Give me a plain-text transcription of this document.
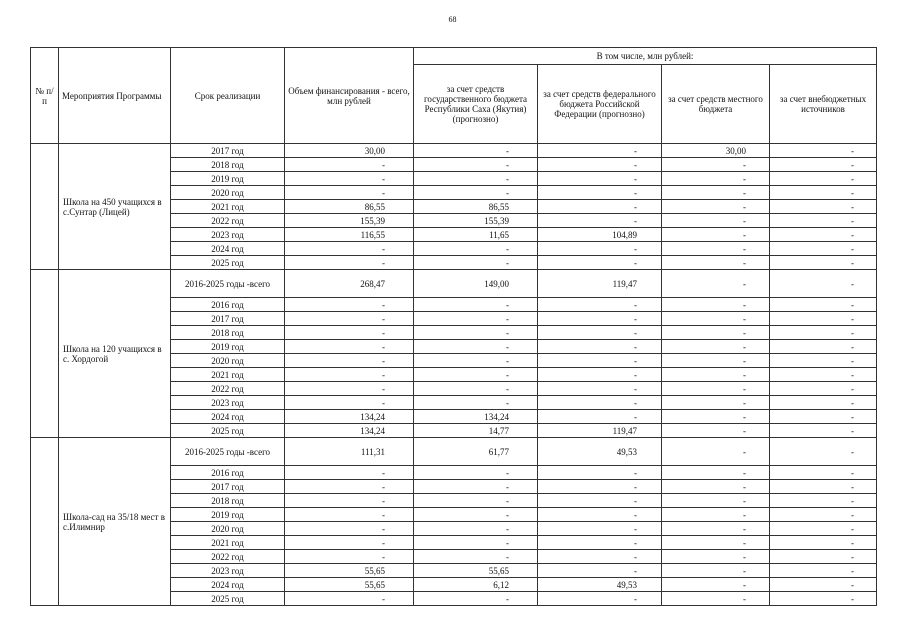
68
№ п/п	Мероприятия Программы	Срок реализации	Объем финансирования - всего, млн рублей	В том числе, млн рублей:			
				за счет средств государственного бюджета Республики Саха (Якутия) (прогнозно)	за счет средств федерального бюджета Российской Федерации (прогнозно)	за счет средств местного бюджета	за счет внебюджетных источников
	Школа на 450 учащихся в с.Сунтар (Лицей)	2017 год	30,00	-	-	30,00	-
		2018 год	-	-	-	-	-
		2019 год	-	-	-	-	-
		2020 год	-	-	-	-	-
		2021 год	86,55	86,55	-	-	-
		2022 год	155,39	155,39	-	-	-
		2023 год	116,55	11,65	104,89	-	-
		2024 год	-	-	-	-	-
		2025 год	-	-	-	-	-
	Школа на 120 учащихся в с. Хордогой	2016-2025 годы -всего	268,47	149,00	119,47	-	-
		2016 год	-	-	-	-	-
		2017 год	-	-	-	-	-
		2018 год	-	-	-	-	-
		2019 год	-	-	-	-	-
		2020 год	-	-	-	-	-
		2021 год	-	-	-	-	-
		2022 год	-	-	-	-	-
		2023 год	-	-	-	-	-
		2024 год	134,24	134,24	-	-	-
		2025 год	134,24	14,77	119,47	-	-
	Школа-сад на 35/18 мест в с.Илимнир	2016-2025 годы -всего	111,31	61,77	49,53	-	-
		2016 год	-	-	-	-	-
		2017 год	-	-	-	-	-
		2018 год	-	-	-	-	-
		2019 год	-	-	-	-	-
		2020 год	-	-	-	-	-
		2021 год	-	-	-	-	-
		2022 год	-	-	-	-	-
		2023 год	55,65	55,65	-	-	-
		2024 год	55,65	6,12	49,53	-	-
		2025 год	-	-	-	-	-
